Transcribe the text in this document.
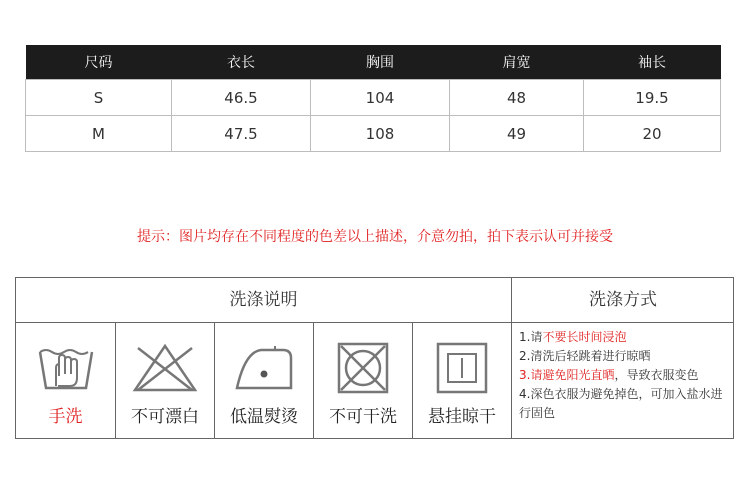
尺码	衣长	胸围	肩宽	袖长
S	46.5	104	48	19.5
M	47.5	108	49	20
提示：图片均存在不同程度的色差以上描述，介意勿拍，拍下表示认可并接受
洗涤说明	洗涤方式
手洗	不可漂白	低温熨烫	不可干洗	悬挂晾干
1.请不要长时间浸泡
2.清洗后轻跳着进行晾晒
3.请避免阳光直晒，导致衣服变色
4.深色衣服为避免掉色，可加入盐水进行固色
